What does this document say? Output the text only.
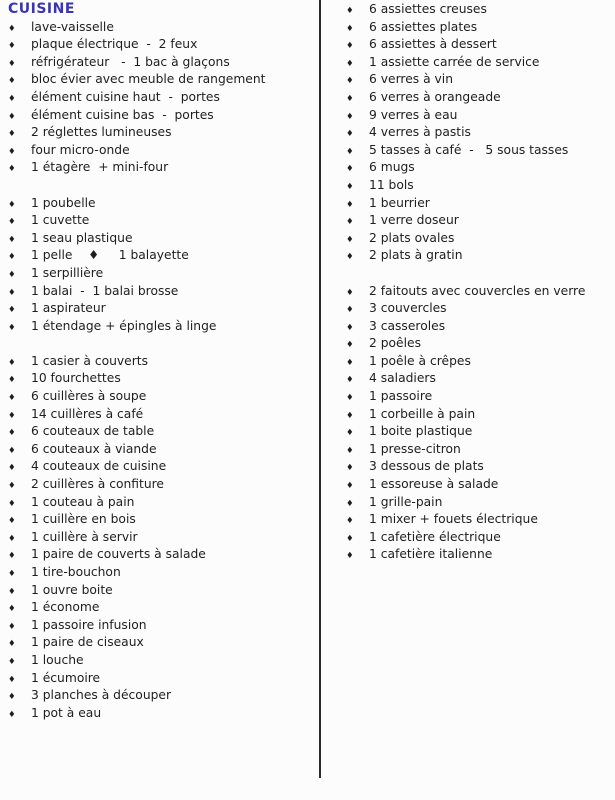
CUISINE
♦ lave-vaisselle
♦ plaque électrique  -  2 feux
♦ réfrigérateur   -  1 bac à glaçons
♦ bloc évier avec meuble de rangement
♦ élément cuisine haut  -  portes
♦ élément cuisine bas  -  portes
♦ 2 réglettes lumineuses
♦ four micro-onde
♦ 1 étagère  + mini-four
♦ 1 poubelle
♦ 1 cuvette
♦ 1 seau plastique
♦ 1 pelle    ♦     1 balayette
♦ 1 serpillière
♦ 1 balai  -  1 balai brosse
♦ 1 aspirateur
♦ 1 étendage + épingles à linge
♦ 1 casier à couverts
♦ 10 fourchettes
♦ 6 cuillères à soupe
♦ 14 cuillères à café
♦ 6 couteaux de table
♦ 6 couteaux à viande
♦ 4 couteaux de cuisine
♦ 2 cuillères à confiture
♦ 1 couteau à pain
♦ 1 cuillère en bois
♦ 1 cuillère à servir
♦ 1 paire de couverts à salade
♦ 1 tire-bouchon
♦ 1 ouvre boite
♦ 1 économe
♦ 1 passoire infusion
♦ 1 paire de ciseaux
♦ 1 louche
♦ 1 écumoire
♦ 3 planches à découper
♦ 1 pot à eau
♦ 6 assiettes creuses
♦ 6 assiettes plates
♦ 6 assiettes à dessert
♦ 1 assiette carrée de service
♦ 6 verres à vin
♦ 6 verres à orangeade
♦ 9 verres à eau
♦ 4 verres à pastis
♦ 5 tasses à café  -   5 sous tasses
♦ 6 mugs
♦ 11 bols
♦ 1 beurrier
♦ 1 verre doseur
♦ 2 plats ovales
♦ 2 plats à gratin
♦ 2 faitouts avec couvercles en verre
♦ 3 couvercles
♦ 3 casseroles
♦ 2 poêles
♦ 1 poêle à crêpes
♦ 4 saladiers
♦ 1 passoire
♦ 1 corbeille à pain
♦ 1 boite plastique
♦ 1 presse-citron
♦ 3 dessous de plats
♦ 1 essoreuse à salade
♦ 1 grille-pain
♦ 1 mixer + fouets électrique
♦ 1 cafetière électrique
♦ 1 cafetière italienne
